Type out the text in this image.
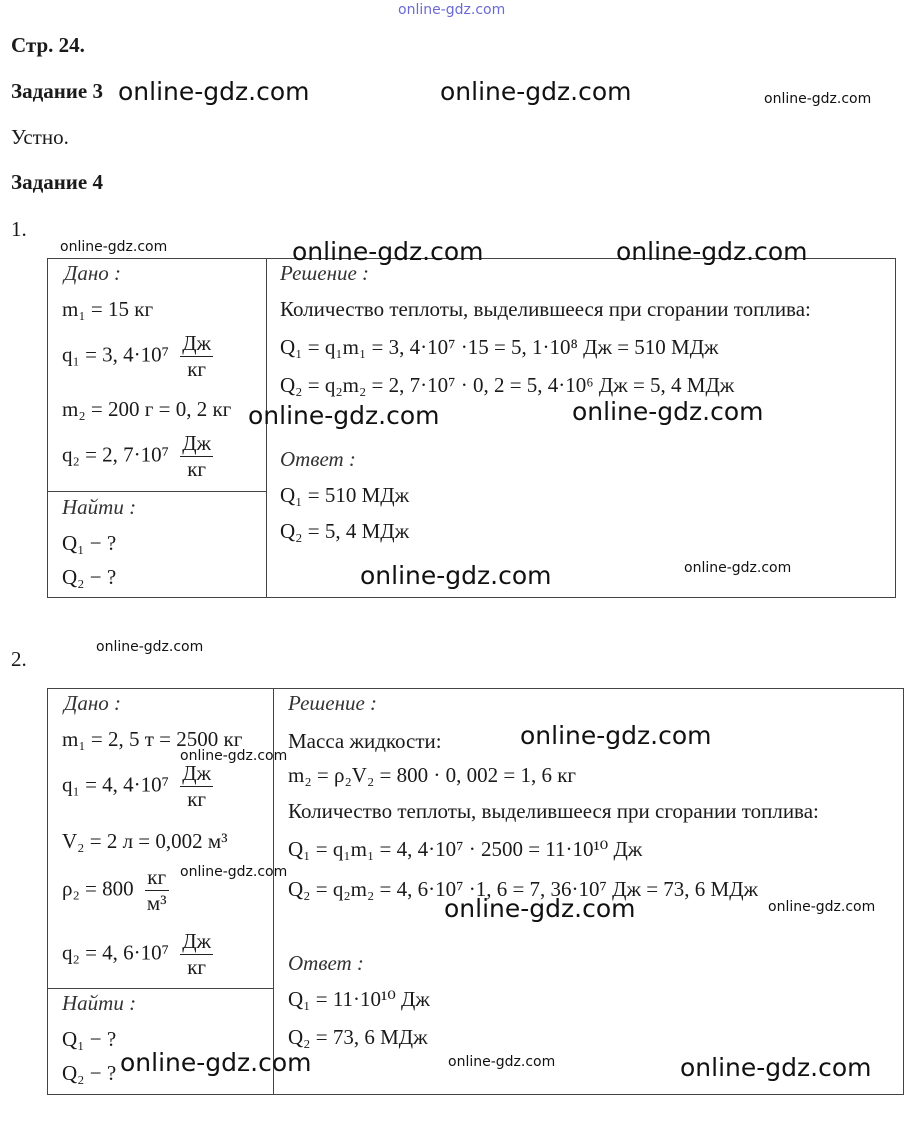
online-gdz.com
Стр. 24.
Задание 3
Устно.
Задание 4
1.
Дано :
m₁ = 15 кг
q₁ = 3, $4\cdot 10^7 \frac{Дж}{кг}$
m₂ = 200 г = 0, 2 кг
q₂ = 2, $7\cdot 10^7 \frac{Дж}{кг}$
Найти :
Q₁ − ?
Q₂ − ?
Решение :
Количество теплоты, выделившееся при сгорании топлива:
Q₁ = q₁m₁ = 3, 4·10⁷ ·15 = 5, 1·10⁸ Дж = 510 МДж
Q₂ = q₂m₂ = 2, 7·10⁷ · 0, 2 = 5, 4·10⁶ Дж = 5, 4 МДж
Ответ :
Q₁ = 510 МДж
Q₂ = 5, 4 МДж
2.
Дано :
m₁ = 2, 5 т = 2500 кг
q₁ = 4, $4\cdot 10^7 \frac{Дж}{кг}$
V₂ = 2 л = 0,002 м³
$\rho_2 = 800 \frac{кг}{\text{м³}}$
q₂ = 4, $6\cdot 10^7 \frac{Дж}{кг}$
Найти :
Q₁ − ?
Q₂ − ?
Решение :
Масса жидкости:
m₂ = ρ₂V₂ = 800 · 0, 002 = 1, 6 кг
Количество теплоты, выделившееся при сгорании топлива:
Q₁ = q₁m₁ = 4, 4·10⁷ · 2500 = 11·10¹⁰ Дж
Q₂ = q₂m₂ = 4, 6·10⁷ ·1, 6 = 7, 36·10⁷ Дж = 73, 6 МДж
Ответ :
Q₁ = 11·10¹⁰ Дж
Q₂ = 73, 6 МДж
online-gdz.com	online-gdz.com	online-gdz.com
online-gdz.com	online-gdz.com	online-gdz.com
online-gdz.com	online-gdz.com
online-gdz.com	online-gdz.com
online-gdz.com
online-gdz.com
online-gdz.com
online-gdz.com
online-gdz.com	online-gdz.com
online-gdz.com	online-gdz.com	online-gdz.com
